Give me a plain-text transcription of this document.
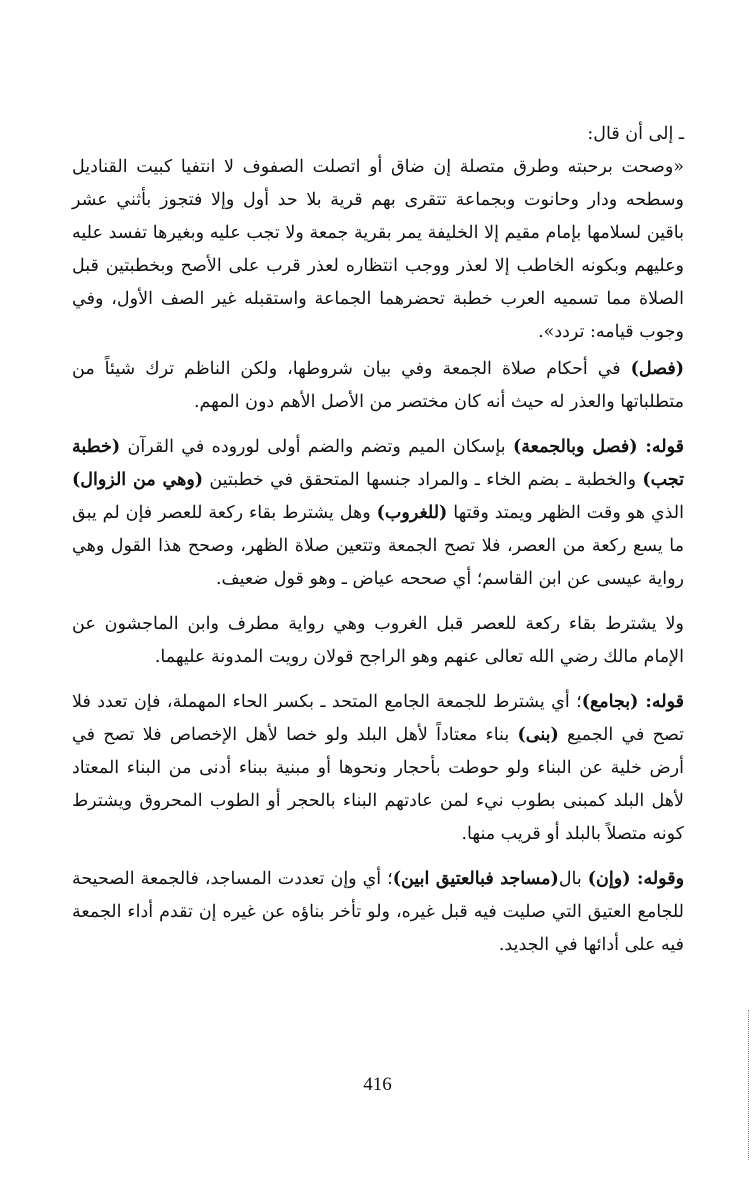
ـ إلى أن قال:

«وصحت برحبته وطرق متصلة إن ضاق أو اتصلت الصفوف لا انتفيا كبيت القناديل وسطحه ودار وحانوت وبجماعة تتقرى بهم قرية بلا حد أول وإلا فتجوز بأثني عشر باقين لسلامها بإمام مقيم إلا الخليفة يمر بقرية جمعة ولا تجب عليه وبغيرها تفسد عليه وعليهم وبكونه الخاطب إلا لعذر ووجب انتظاره لعذر قرب على الأصح وبخطبتين قبل الصلاة مما تسميه العرب خطبة تحضرهما الجماعة واستقبله غير الصف الأول، وفي وجوب قيامه: تردد».

(فصل) في أحكام صلاة الجمعة وفي بيان شروطها، ولكن الناظم ترك شيئاً من متطلباتها والعذر له حيث أنه كان مختصر من الأصل الأهم دون المهم.

قوله: (فصل وبالجمعة) بإسكان الميم وتضم والضم أولى لوروده في القرآن (خطبة تجب) والخطبة ـ بضم الخاء ـ والمراد جنسها المتحقق في خطبتين (وهي من الزوال) الذي هو وقت الظهر ويمتد وقتها (للغروب) وهل يشترط بقاء ركعة للعصر فإن لم يبق ما يسع ركعة من العصر، فلا تصح الجمعة وتتعين صلاة الظهر، وصحح هذا القول وهي رواية عيسى عن ابن القاسم؛ أي صححه عياض ـ وهو قول ضعيف.

ولا يشترط بقاء ركعة للعصر قبل الغروب وهي رواية مطرف وابن الماجشون عن الإمام مالك رضي الله تعالى عنهم وهو الراجح قولان رويت المدونة عليهما.

قوله: (بجامع)؛ أي يشترط للجمعة الجامع المتحد ـ بكسر الحاء المهملة، فإن تعدد فلا تصح في الجميع (بنى) بناء معتاداً لأهل البلد ولو خصا لأهل الإخصاص فلا تصح في أرض خلية عن البناء ولو حوطت بأحجار ونحوها أو مبنية ببناء أدنى من البناء المعتاد لأهل البلد كمبنى بطوب نيء لمن عادتهم البناء بالحجر أو الطوب المحروق ويشترط كونه متصلاً بالبلد أو قريب منها.

وقوله: (وإن) بال(مساجد فبالعتيق ابين)؛ أي وإن تعددت المساجد، فالجمعة الصحيحة للجامع العتيق التي صليت فيه قبل غيره، ولو تأخر بناؤه عن غيره إن تقدم أداء الجمعة فيه على أدائها في الجديد.

416
